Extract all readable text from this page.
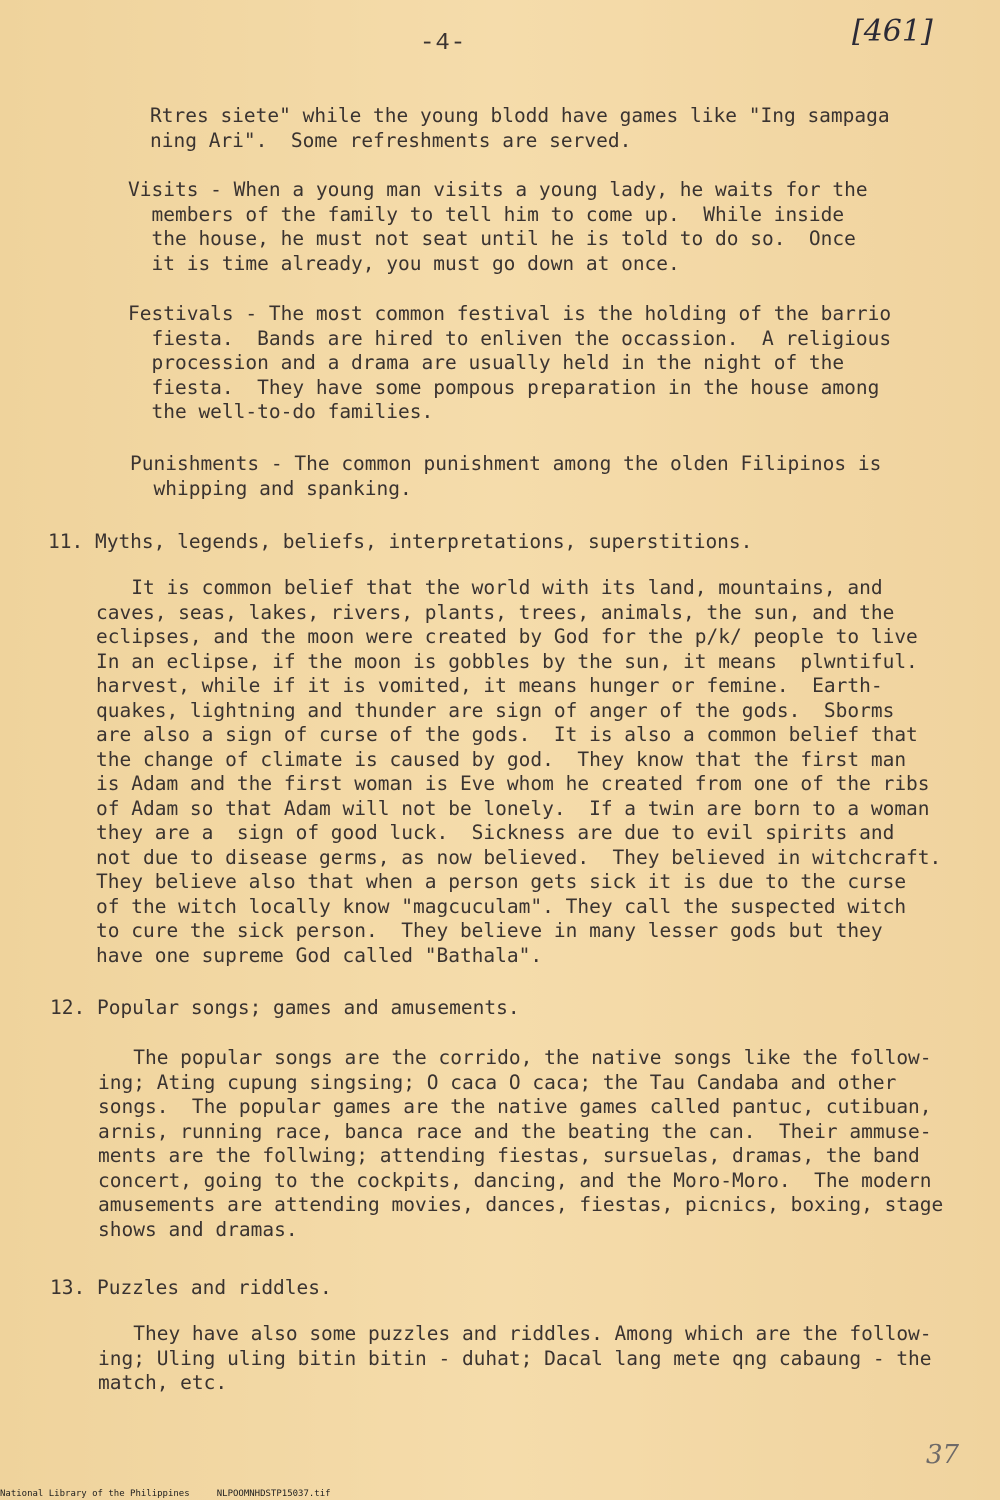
-4-	[461]
Rtres siete" while the young blodd have games like "Ing sampaga
ning Ari".  Some refreshments are served.
Visits - When a young man visits a young lady, he waits for the
members of the family to tell him to come up.  While inside
the house, he must not seat until he is told to do so.  Once
it is time already, you must go down at once.
Festivals - The most common festival is the holding of the barrio
fiesta.  Bands are hired to enliven the occassion.  A religious
procession and a drama are usually held in the night of the
fiesta.  They have some pompous preparation in the house among
the well-to-do families.
Punishments - The common punishment among the olden Filipinos is
whipping and spanking.
11. Myths, legends, beliefs, interpretations, superstitions.
It is common belief that the world with its land, mountains, and
caves, seas, lakes, rivers, plants, trees, animals, the sun, and the
eclipses, and the moon were created by God for the p/k/ people to live
In an eclipse, if the moon is gobbles by the sun, it means  plwntiful.
harvest, while if it is vomited, it means hunger or femine.  Earth-
quakes, lightning and thunder are sign of anger of the gods.  Sborms
are also a sign of curse of the gods.  It is also a common belief that
the change of climate is caused by god.  They know that the first man
is Adam and the first woman is Eve whom he created from one of the ribs
of Adam so that Adam will not be lonely.  If a twin are born to a woman
they are a  sign of good luck.  Sickness are due to evil spirits and
not due to disease germs, as now believed.  They believed in witchcraft.
They believe also that when a person gets sick it is due to the curse
of the witch locally know "magcuculam". They call the suspected witch
to cure the sick person.  They believe in many lesser gods but they
have one supreme God called "Bathala".
12. Popular songs; games and amusements.
The popular songs are the corrido, the native songs like the follow-
ing; Ating cupung singsing; O caca O caca; the Tau Candaba and other
songs.  The popular games are the native games called pantuc, cutibuan,
arnis, running race, banca race and the beating the can.  Their ammuse-
ments are the follwing; attending fiestas, sursuelas, dramas, the band
concert, going to the cockpits, dancing, and the Moro-Moro.  The modern
amusements are attending movies, dances, fiestas, picnics, boxing, stage
shows and dramas.
13. Puzzles and riddles.
They have also some puzzles and riddles. Among which are the follow-
ing; Uling uling bitin bitin - duhat; Dacal lang mete qng cabaung - the
match, etc.
37
National Library of the Philippines	NLPOOMNHDSTP15037.tif
